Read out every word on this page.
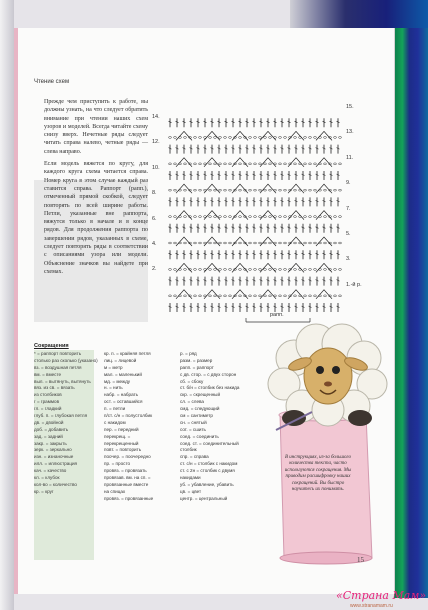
Чтение схем
Прежде чем приступить к работе, вы должны узнать, на что следует обратить внимание при чтении наших схем узоров и моделей. Всегда читайте схему снизу вверх. Нечетные ряды следует читать справа налево, четные ряды — слева направо.
Если модель вяжется по кругу, для каждого круга схема читается справа. Номер круга в этом случае каждый раз ставится справа. Раппорт (рапп.), отмеченный прямой скобкой, следует повторять по всей ширине работы. Петли, указанные вне раппорта, вяжутся только в начале и в конце рядов. Для продолжения раппорта по завершении рядов, указанных в схеме, следует повторять ряды в соответствии с описаниями узора или модели. Объяснение значков вы найдете при схемах.
14.
12.
10.
8.
6.
4.
2.
15.
13.
11.
9.
7.
5.
3.
1.-й р.
рапп.
Сокращения
* = раппорт повторить
столько раз сколько (указано)
вз. = воздушная петля
вм. = вместе
выл. = вытянуть, вытянуть
вяз. из св. = вязать
из столбиков
г = граммов
гл. = гладкий
глуб. п. = глубокая петля
дв. = двойной
доб. = добавить
зад. = задний
закр. = закрыть
зерк. = зеркально
изн. = изнаночные
илл. = иллюстрация
кач. = качество
кл. = клубок
кол-во = количество
кр. = круг
кр. п. = крайняя петля
лиц. = лицевой
м = метр
мал. = маленький
мд. = между
н. = нить
набр. = набрать
ост. = оставшийся
п. = петли
п/ст. с/н = полустолбик
с накидом
пер. = передний
перекрещ. =
перекрещенный
повт. = повторить
поочер. = поочередно
пр. = просто
провяз. = провязать
провязав. вм. на сп. =
провязанные вместе
на спицах
провяз. = провязанные
р. = ряд
разм. = размер
рапп. = раппорт
с дв. стор. = с двух сторон
сб. = сбоку
ст. б/н = столбик без накида
скр. = скрещенный
сл. = слева
смд. = следующий
см = сантиметр
сн. = снятый
сот. = сшить
соед. = соединить
соед. ст. = соединительный
столбик
спр. = справа
ст. с/н = столбик с накидом
ст. с 2н = столбик с двумя
накидами
уб. = убавление, убавить
цв. = цвет
центр. = центральный
В инструкциях, из-за большого количества текста, часто используются сокращения. Мы приводим расшифровку наших сокращений. Вы быстро научитесь их понимать.
15
«Страна Мам»
www.stranamam.ru
